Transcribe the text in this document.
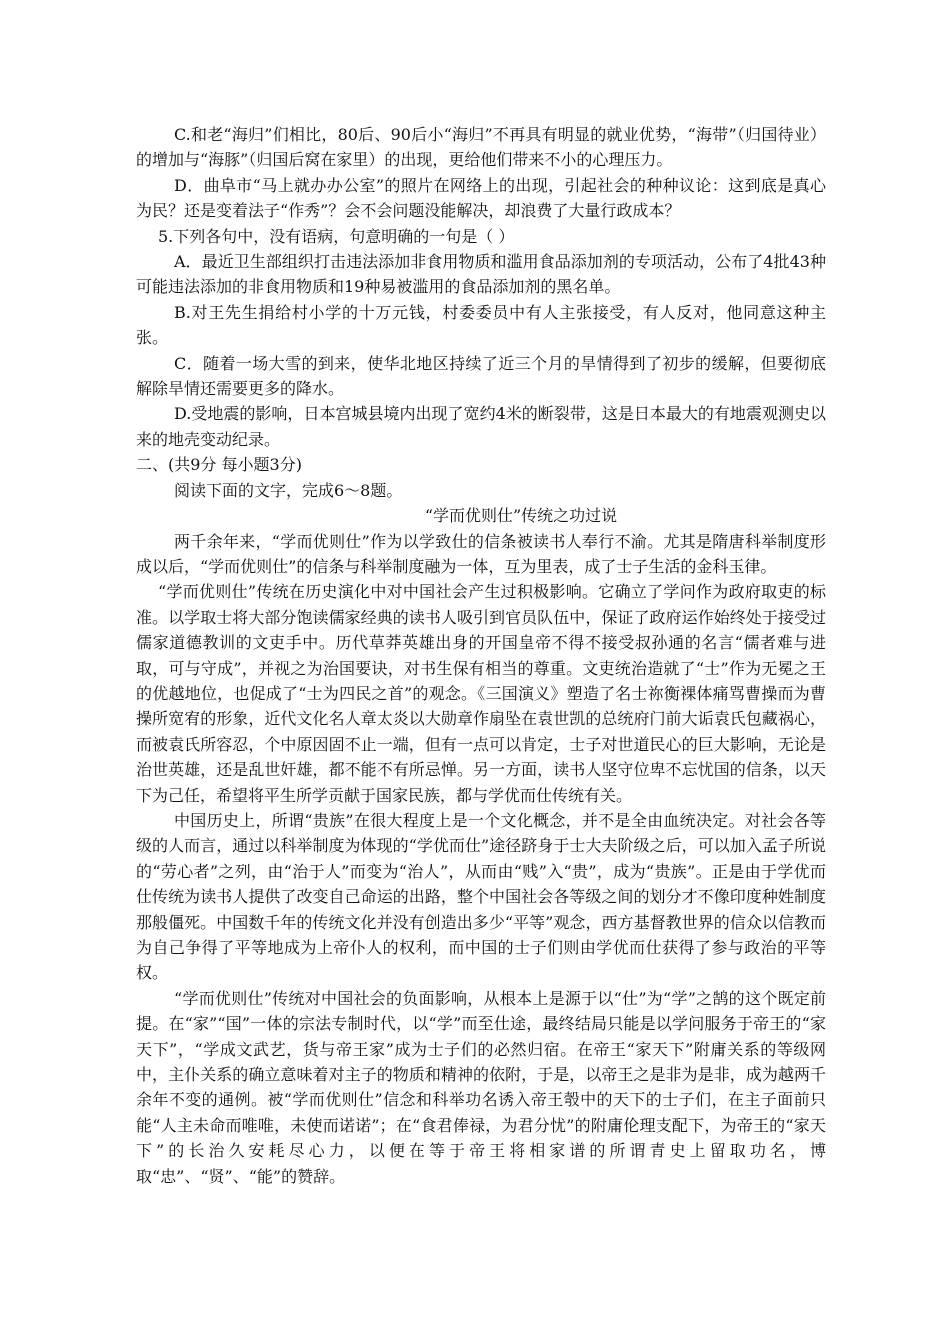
C.和老“海归”们相比，80后、90后小“海归”不再具有明显的就业优势，“海带”（归国待业）的增加与“海豚”（归国后窝在家里）的出现，更给他们带来不小的心理压力。

D．曲阜市“马上就办办公室”的照片在网络上的出现，引起社会的种种议论：这到底是真心为民？还是变着法子“作秀”？会不会问题没能解决，却浪费了大量行政成本？

5.下列各句中，没有语病，句意明确的一句是（ ）

A．最近卫生部组织打击违法添加非食用物质和滥用食品添加剂的专项活动，公布了4批43种可能违法添加的非食用物质和19种易被滥用的食品添加剂的黑名单。

B.对王先生捐给村小学的十万元钱，村委委员中有人主张接受，有人反对，他同意这种主张。

C．随着一场大雪的到来，使华北地区持续了近三个月的旱情得到了初步的缓解，但要彻底解除旱情还需要更多的降水。

D.受地震的影响，日本宫城县境内出现了宽约4米的断裂带，这是日本最大的有地震观测史以来的地壳变动纪录。

二、(共9分 每小题3分)

阅读下面的文字，完成6～8题。

“学而优则仕”传统之功过说

两千余年来，“学而优则仕”作为以学致仕的信条被读书人奉行不渝。尤其是隋唐科举制度形成以后，“学而优则仕”的信条与科举制度融为一体，互为里表，成了士子生活的金科玉律。

“学而优则仕”传统在历史演化中对中国社会产生过积极影响。它确立了学问作为政府取吏的标准。以学取士将大部分饱读儒家经典的读书人吸引到官员队伍中，保证了政府运作始终处于接受过儒家道德教训的文吏手中。历代草莽英雄出身的开国皇帝不得不接受叔孙通的名言“儒者难与进取，可与守成”，并视之为治国要诀，对书生保有相当的尊重。文吏统治造就了“士”作为无冕之王的优越地位，也促成了“士为四民之首”的观念。《三国演义》塑造了名士祢衡裸体痛骂曹操而为曹操所宽宥的形象，近代文化名人章太炎以大勋章作扇坠在袁世凯的总统府门前大诟袁氏包藏祸心，而被袁氏所容忍，个中原因固不止一端，但有一点可以肯定，士子对世道民心的巨大影响，无论是治世英雄，还是乱世奸雄，都不能不有所忌惮。另一方面，读书人坚守位卑不忘忧国的信条，以天下为己任，希望将平生所学贡献于国家民族，都与学优而仕传统有关。

中国历史上，所谓“贵族”在很大程度上是一个文化概念，并不是全由血统决定。对社会各等级的人而言，通过以科举制度为体现的“学优而仕”途径跻身于士大夫阶级之后，可以加入孟子所说的“劳心者”之列，由“治于人”而变为“治人”，从而由“贱”入“贵”，成为“贵族”。正是由于学优而仕传统为读书人提供了改变自己命运的出路，整个中国社会各等级之间的划分才不像印度种姓制度那般僵死。中国数千年的传统文化并没有创造出多少“平等”观念，西方基督教世界的信众以信教而为自己争得了平等地成为上帝仆人的权利，而中国的士子们则由学优而仕获得了参与政治的平等权。

“学而优则仕”传统对中国社会的负面影响，从根本上是源于以“仕”为“学”之鹄的这个既定前提。在“家”“国”一体的宗法专制时代，以“学”而至仕途，最终结局只能是以学问服务于帝王的“家天下”，“学成文武艺，货与帝王家”成为士子们的必然归宿。在帝王“家天下”附庸关系的等级网中，主仆关系的确立意味着对主子的物质和精神的依附，于是，以帝王之是非为是非，成为越两千余年不变的通例。被“学而优则仕”信念和科举功名诱入帝王彀中的天下的士子们，在主子面前只能“人主未命而唯唯，未使而诺诺”；在“食君俸禄，为君分忧”的附庸伦理支配下，为帝王的“家天下”的长治久安耗尽心力，以便在等于帝王将相家谱的所谓青史上留取功名，博取“忠”、“贤”、“能”的赞辞。
